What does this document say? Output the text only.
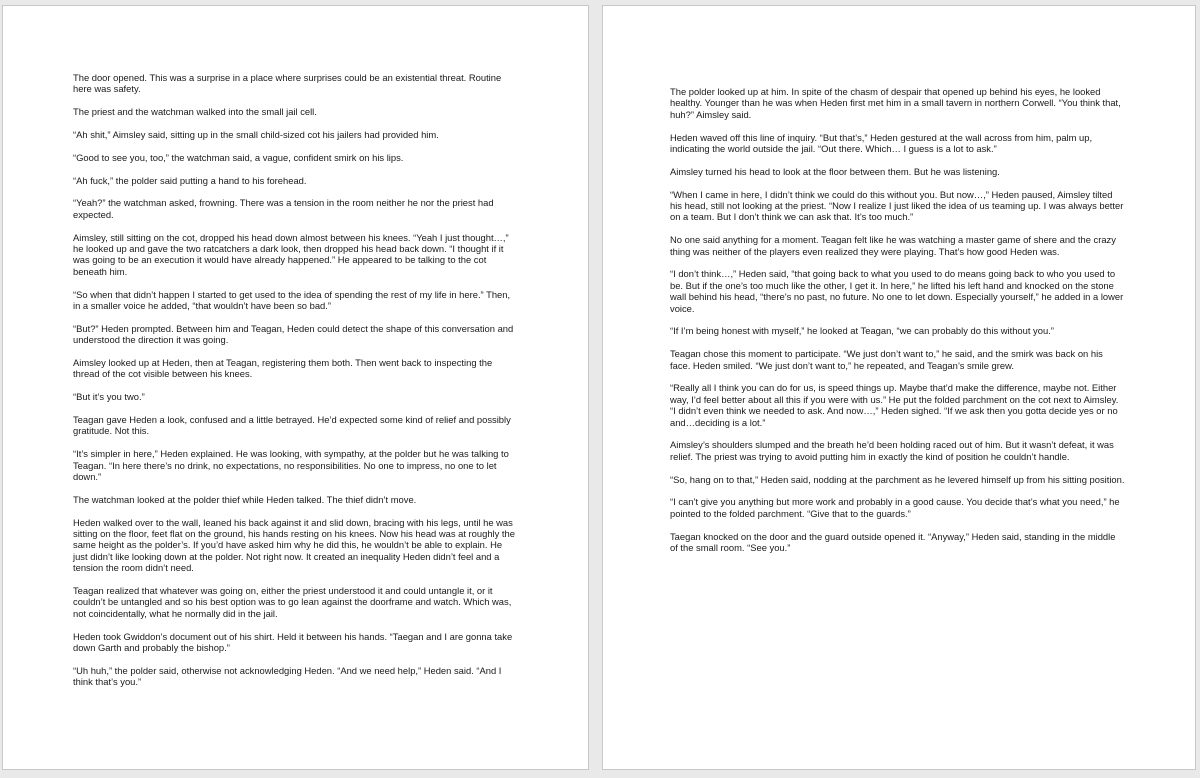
The door opened. This was a surprise in a place where surprises could be an existential threat. Routine here was safety.

The priest and the watchman walked into the small jail cell.

“Ah shit,” Aimsley said, sitting up in the small child-sized cot his jailers had provided him.

“Good to see you, too,” the watchman said, a vague, confident smirk on his lips.

“Ah fuck,” the polder said putting a hand to his forehead.

“Yeah?” the watchman asked, frowning. There was a tension in the room neither he nor the priest had expected.

Aimsley, still sitting on the cot, dropped his head down almost between his knees. “Yeah I just thought…,” he looked up and gave the two ratcatchers a dark look, then dropped his head back down. “I thought if it was going to be an execution it would have already happened.” He appeared to be talking to the cot beneath him.

“So when that didn’t happen I started to get used to the idea of spending the rest of my life in here.” Then, in a smaller voice he added, “that wouldn’t have been so bad.”

“But?” Heden prompted. Between him and Teagan, Heden could detect the shape of this conversation and understood the direction it was going.

Aimsley looked up at Heden, then at Teagan, registering them both. Then went back to inspecting the thread of the cot visible between his knees.

“But it’s you two.”

Teagan gave Heden a look, confused and a little betrayed. He’d expected some kind of relief and possibly gratitude. Not this.

“It’s simpler in here,” Heden explained. He was looking, with sympathy, at the polder but he was talking to Teagan. “In here there’s no drink, no expectations, no responsibilities. No one to impress, no one to let down.”

The watchman looked at the polder thief while Heden talked. The thief didn’t move.

Heden walked over to the wall, leaned his back against it and slid down, bracing with his legs, until he was sitting on the floor, feet flat on the ground, his hands resting on his knees. Now his head was at roughly the same height as the polder’s. If you’d have asked him why he did this, he wouldn’t be able to explain. He just didn’t like looking down at the polder. Not right now. It created an inequality Heden didn’t feel and a tension the room didn’t need.

Teagan realized that whatever was going on, either the priest understood it and could untangle it, or it couldn’t be untangled and so his best option was to go lean against the doorframe and watch. Which was, not coincidentally, what he normally did in the jail.

Heden took Gwiddon’s document out of his shirt. Held it between his hands. “Taegan and I are gonna take down Garth and probably the bishop.”

“Uh huh,” the polder said, otherwise not acknowledging Heden. “And we need help,” Heden said. “And I think that’s you.”

The polder looked up at him. In spite of the chasm of despair that opened up behind his eyes, he looked healthy. Younger than he was when Heden first met him in a small tavern in northern Corwell. “You think that, huh?” Aimsley said.

Heden waved off this line of inquiry. “But that’s,” Heden gestured at the wall across from him, palm up, indicating the world outside the jail. “Out there. Which… I guess is a lot to ask.”

Aimsley turned his head to look at the floor between them. But he was listening.

“When I came in here, I didn’t think we could do this without you. But now…,” Heden paused, Aimsley tilted his head, still not looking at the priest. “Now I realize I just liked the idea of us teaming up. I was always better on a team. But I don’t think we can ask that. It’s too much.”

No one said anything for a moment. Teagan felt like he was watching a master game of shere and the crazy thing was neither of the players even realized they were playing. That’s how good Heden was.

“I don’t think…,” Heden said, “that going back to what you used to do means going back to who you used to be. But if the one’s too much like the other, I get it. In here,” he lifted his left hand and knocked on the stone wall behind his head, “there’s no past, no future. No one to let down. Especially yourself,” he added in a lower voice.

“If I’m being honest with myself,” he looked at Teagan, “we can probably do this without you.”

Teagan chose this moment to participate. “We just don’t want to,” he said, and the smirk was back on his face. Heden smiled. “We just don’t want to,” he repeated, and Teagan’s smile grew.

“Really all I think you can do for us, is speed things up. Maybe that’d make the difference, maybe not. Either way, I’d feel better about all this if you were with us.” He put the folded parchment on the cot next to Aimsley. “I didn’t even think we needed to ask. And now…,” Heden sighed. “If we ask then you gotta decide yes or no and…deciding is a lot.”

Aimsley’s shoulders slumped and the breath he’d been holding raced out of him. But it wasn’t defeat, it was relief. The priest was trying to avoid putting him in exactly the kind of position he couldn’t handle.

“So, hang on to that,” Heden said, nodding at the parchment as he levered himself up from his sitting position.

“I can’t give you anything but more work and probably in a good cause. You decide that’s what you need,” he pointed to the folded parchment. “Give that to the guards.”

Taegan knocked on the door and the guard outside opened it. “Anyway,” Heden said, standing in the middle of the small room. “See you.”
